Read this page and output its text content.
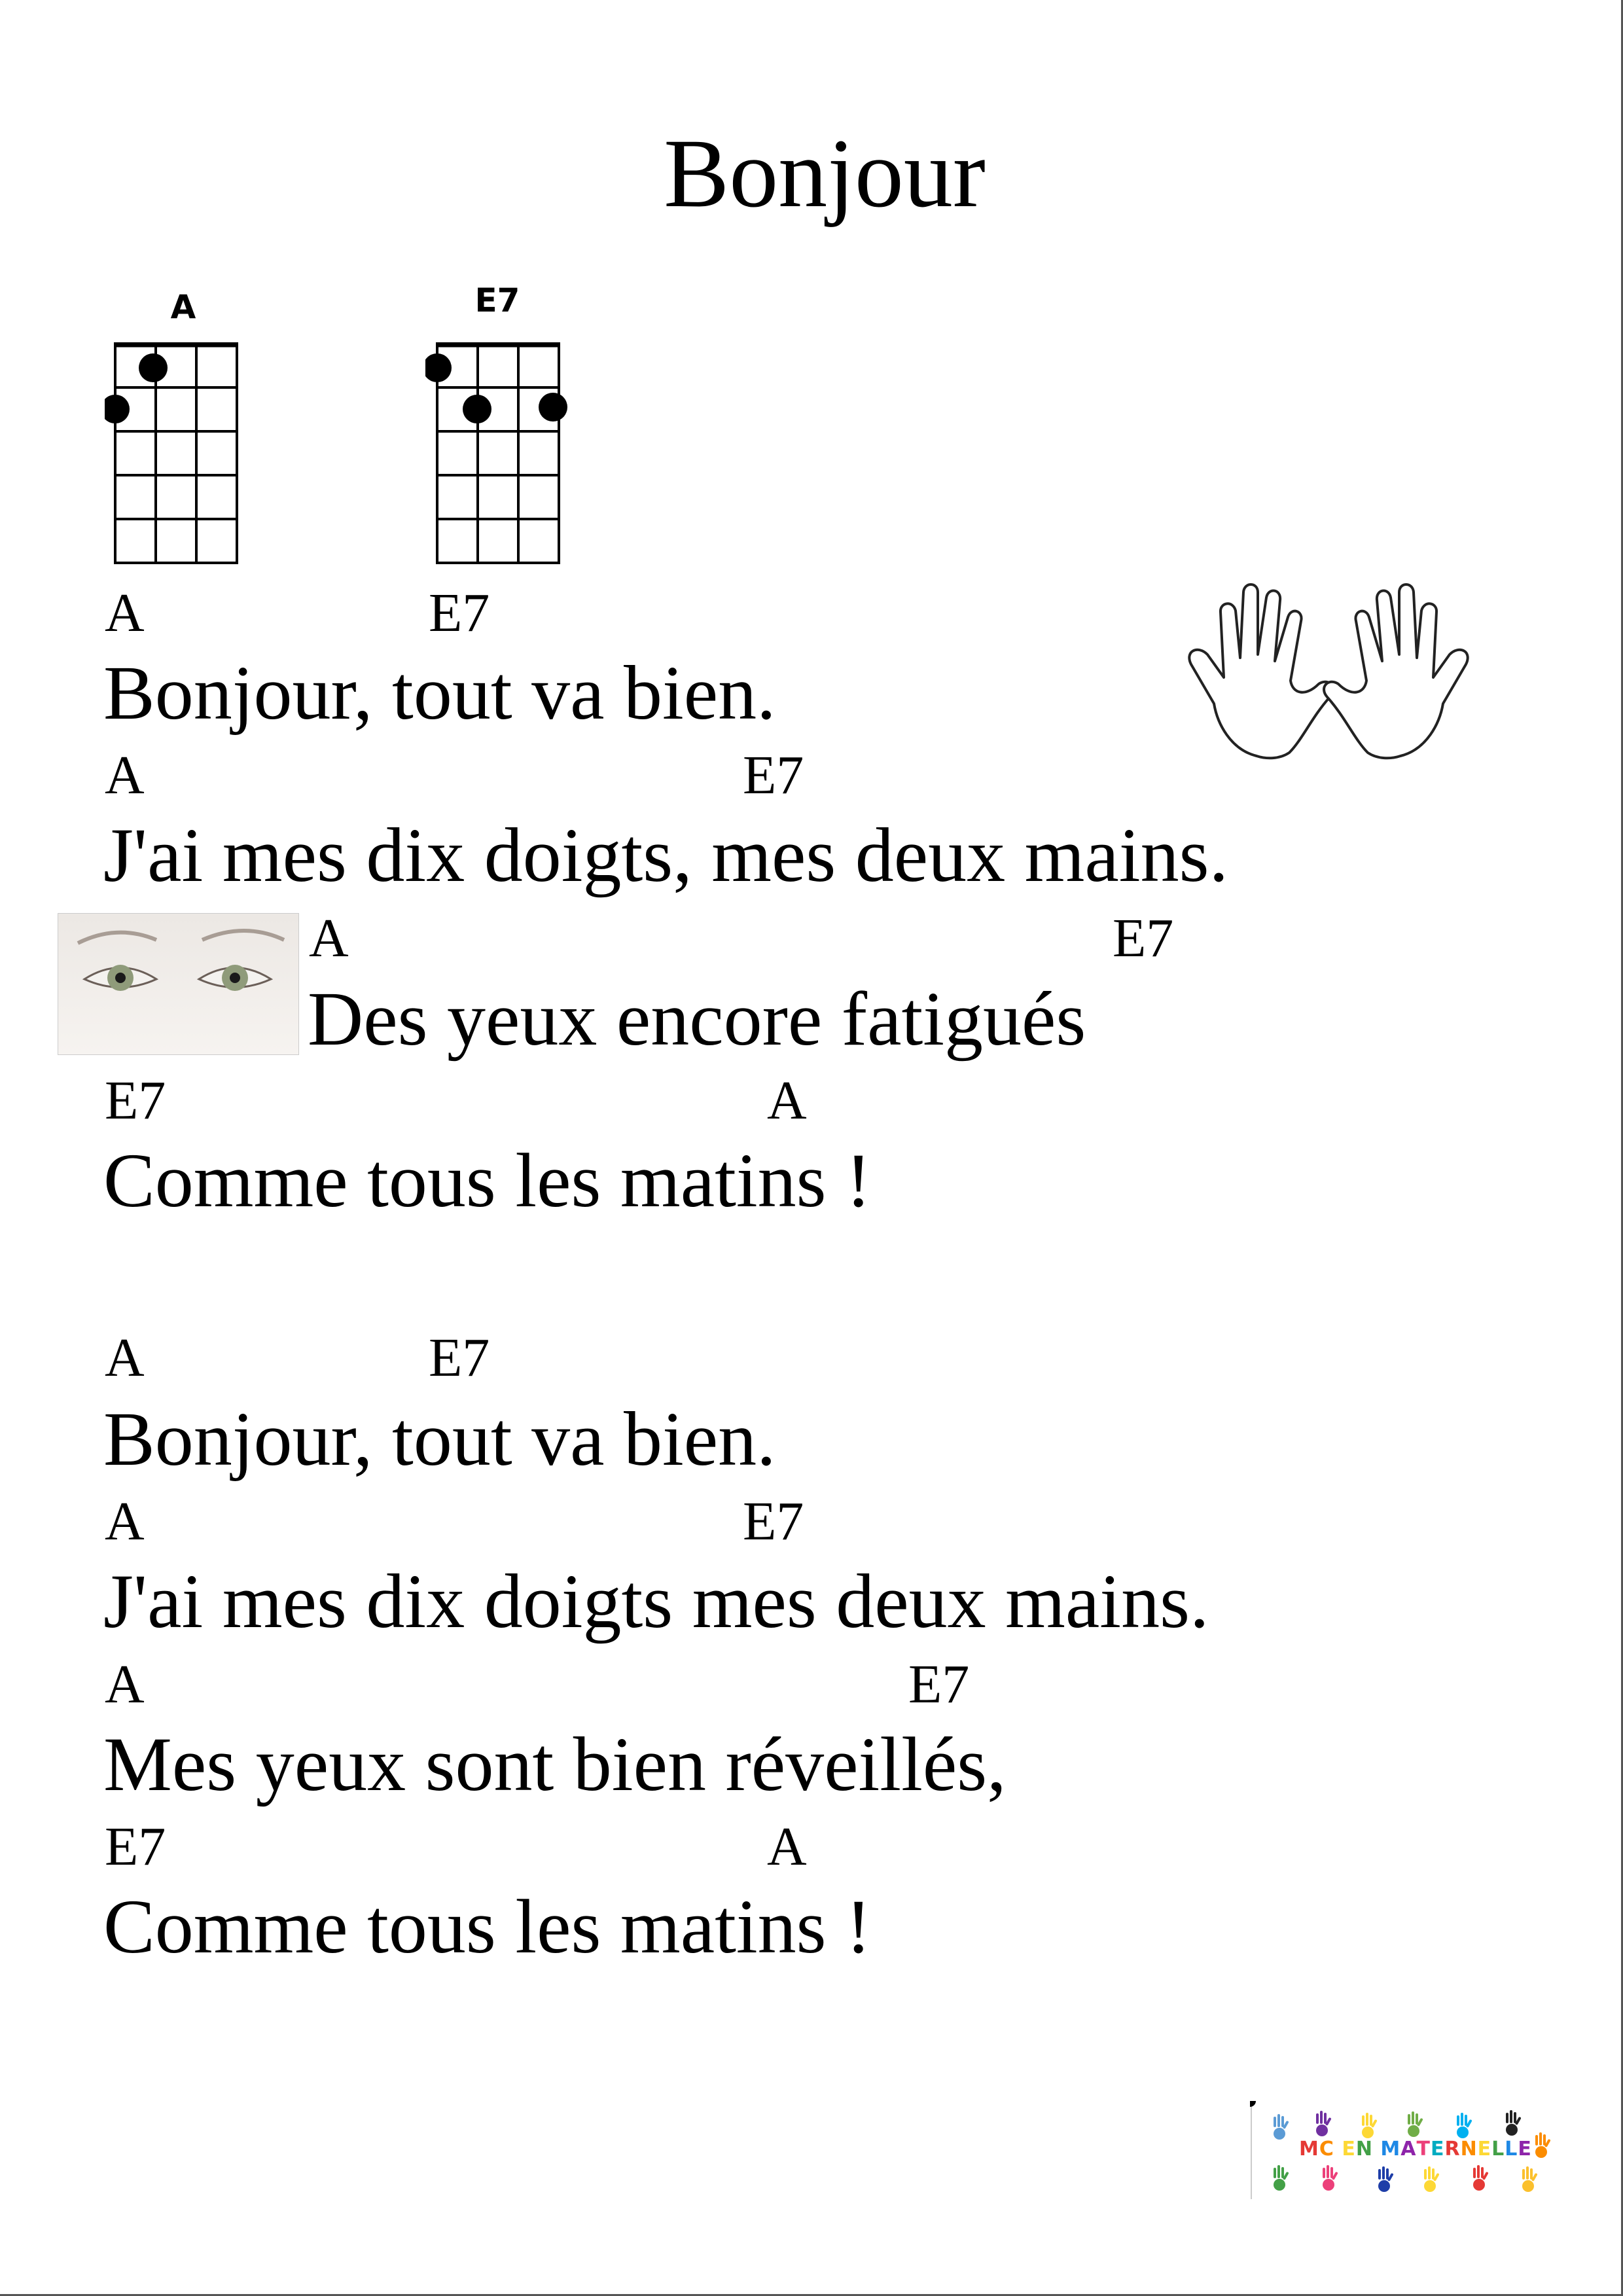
Bonjour
A	E7
A	E7
Bonjour, tout va bien.
A	E7
J'ai mes dix doigts, mes deux mains.
A	E7
Des yeux encore fatigués
E7	A
Comme tous les matins !
A	E7
Bonjour, tout va bien.
A	E7
J'ai mes dix doigts mes deux mains.
A	E7
Mes yeux sont bien réveillés,
E7	A
Comme tous les matins !
MC EN MATERNELLE
